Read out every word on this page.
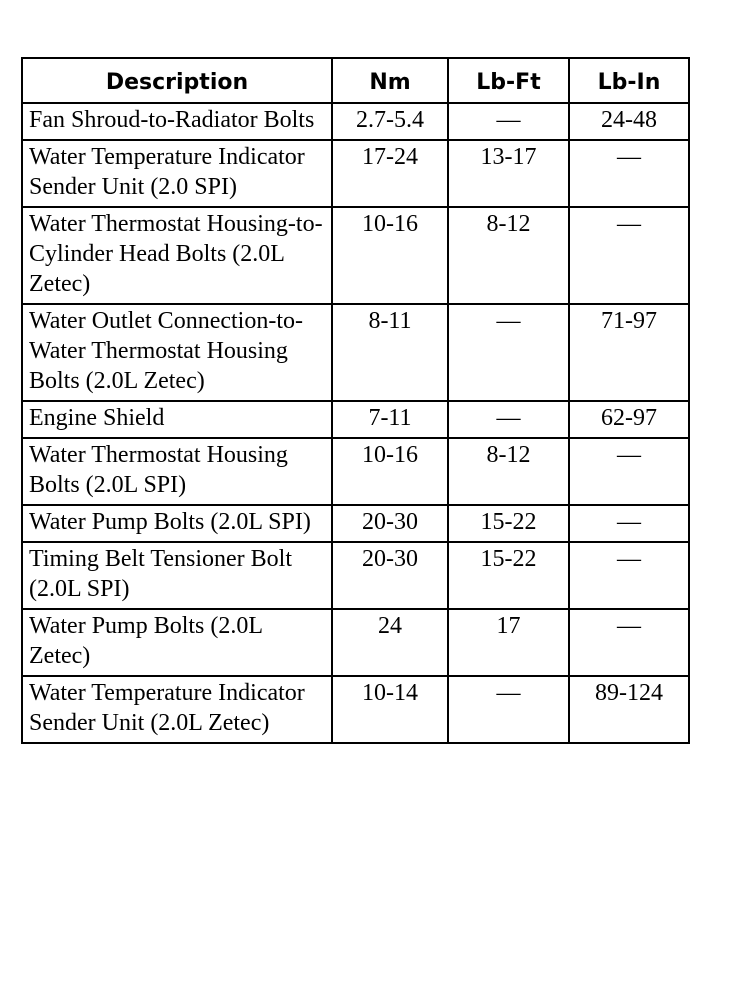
Description	Nm	Lb-Ft	Lb-In
Fan Shroud-to-Radiator Bolts	2.7-5.4	—	24-48
Water Temperature Indicator Sender Unit (2.0 SPI)	17-24	13-17	—
Water Thermostat Housing-to-Cylinder Head Bolts (2.0L Zetec)	10-16	8-12	—
Water Outlet Connection-to-Water Thermostat Housing Bolts (2.0L Zetec)	8-11	—	71-97
Engine Shield	7-11	—	62-97
Water Thermostat Housing Bolts (2.0L SPI)	10-16	8-12	—
Water Pump Bolts (2.0L SPI)	20-30	15-22	—
Timing Belt Tensioner Bolt (2.0L SPI)	20-30	15-22	—
Water Pump Bolts (2.0L Zetec)	24	17	—
Water Temperature Indicator Sender Unit (2.0L Zetec)	10-14	—	89-124
